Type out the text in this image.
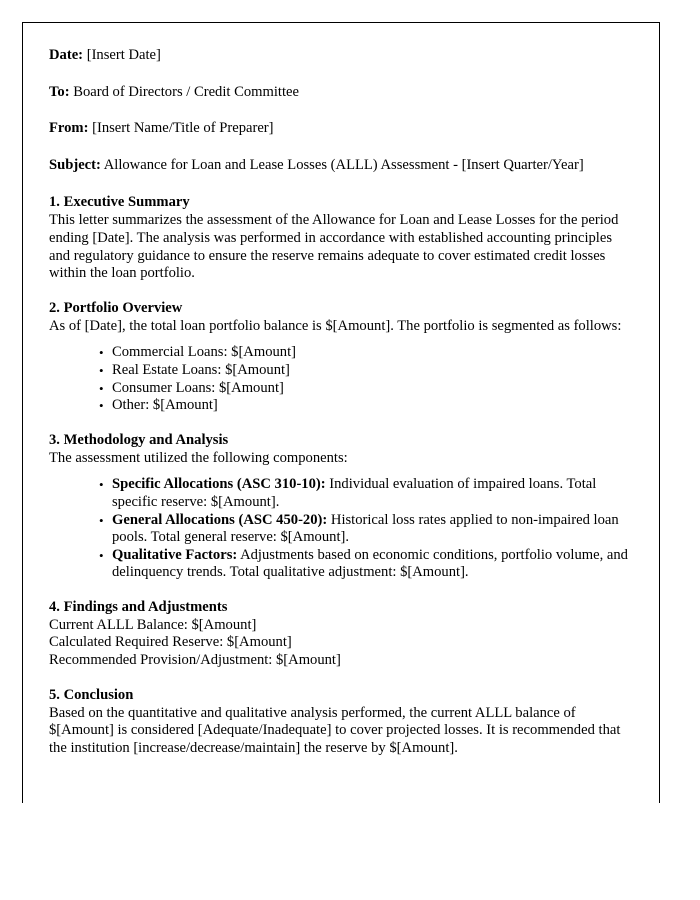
Date: [Insert Date]

To: Board of Directors / Credit Committee

From: [Insert Name/Title of Preparer]

Subject: Allowance for Loan and Lease Losses (ALLL) Assessment - [Insert Quarter/Year]

1. Executive Summary

This letter summarizes the assessment of the Allowance for Loan and Lease Losses for the period ending [Date]. The analysis was performed in accordance with established accounting principles and regulatory guidance to ensure the reserve remains adequate to cover estimated credit losses within the loan portfolio.

2. Portfolio Overview

As of [Date], the total loan portfolio balance is $[Amount]. The portfolio is segmented as follows:

• Commercial Loans: $[Amount]
• Real Estate Loans: $[Amount]
• Consumer Loans: $[Amount]
• Other: $[Amount]
3. Methodology and Analysis

The assessment utilized the following components:

• Specific Allocations (ASC 310-10): Individual evaluation of impaired loans. Total specific reserve: $[Amount].
• General Allocations (ASC 450-20): Historical loss rates applied to non-impaired loan pools. Total general reserve: $[Amount].
• Qualitative Factors: Adjustments based on economic conditions, portfolio volume, and delinquency trends. Total qualitative adjustment: $[Amount].
4. Findings and Adjustments
Current ALLL Balance: $[Amount]
Calculated Required Reserve: $[Amount]
Recommended Provision/Adjustment: $[Amount]
5. Conclusion

Based on the quantitative and qualitative analysis performed, the current ALLL balance of $[Amount] is considered [Adequate/Inadequate] to cover projected losses. It is recommended that the institution [increase/decrease/maintain] the reserve by $[Amount].
